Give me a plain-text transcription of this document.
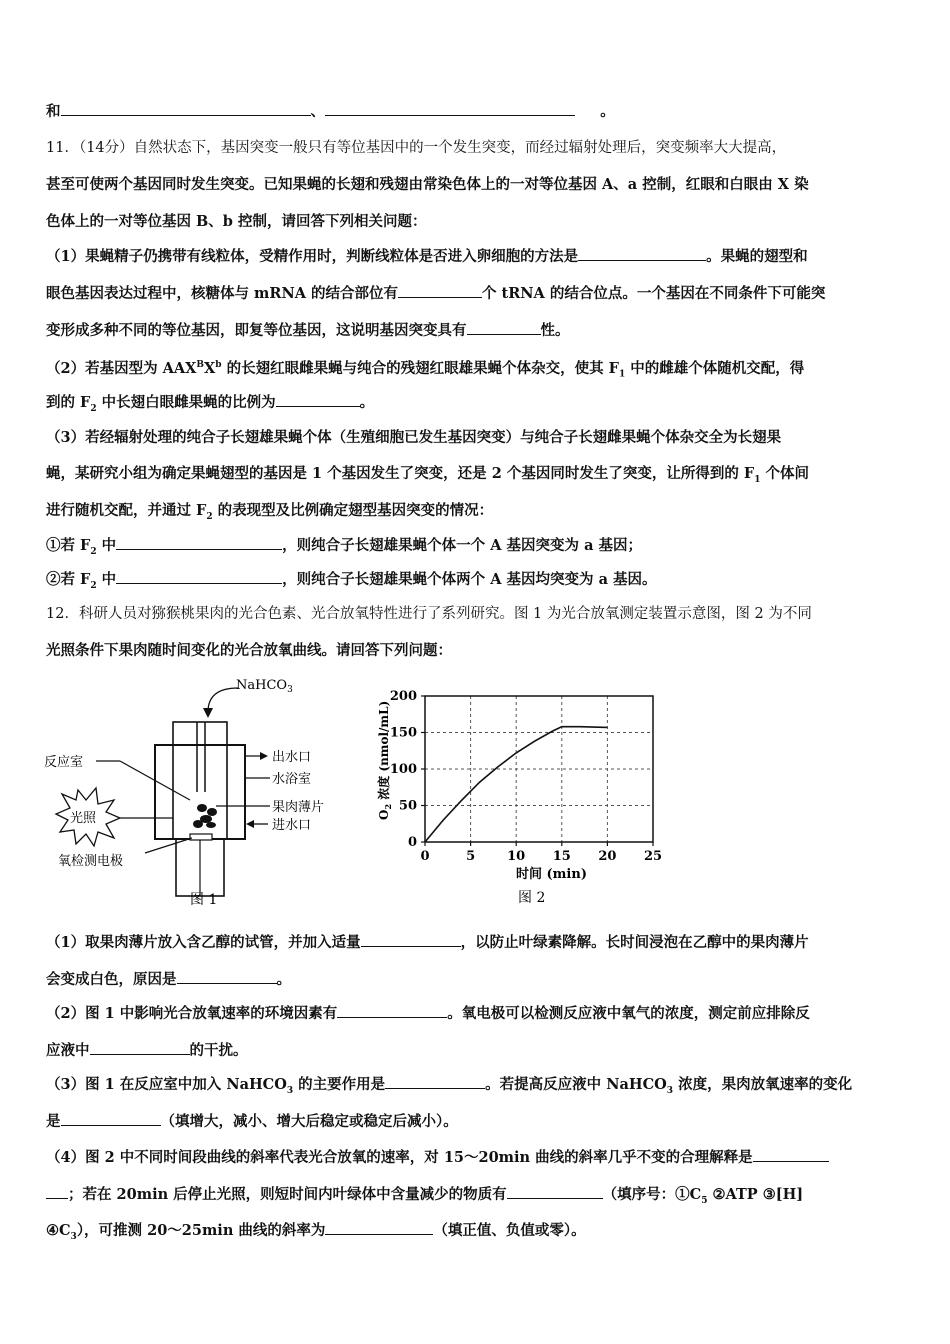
和	、	。
11．（14分）自然状态下，基因突变一般只有等位基因中的一个发生突变，而经过辐射处理后，突变频率大大提高，
甚至可使两个基因同时发生突变。已知果蝇的长翅和残翅由常染色体上的一对等位基因 A、a 控制，红眼和白眼由 X 染
色体上的一对等位基因 B、b 控制，请回答下列相关问题：
（1）果蝇精子仍携带有线粒体，受精作用时，判断线粒体是否进入卵细胞的方法是	。果蝇的翅型和
眼色基因表达过程中，核糖体与 mRNA 的结合部位有	个 tRNA 的结合位点。一个基因在不同条件下可能突
变形成多种不同的等位基因，即复等位基因，这说明基因突变具有	性。
（2）若基因型为 $AAX^BX^b$ 的长翅红眼雌果蝇与纯合的残翅红眼雄果蝇个体杂交，使其 $F_1$ 中的雌雄个体随机交配，得
到的 $F_2$ 中长翅白眼雌果蝇的比例为	。
（3）若经辐射处理的纯合子长翅雄果蝇个体（生殖细胞已发生基因突变）与纯合子长翅雌果蝇个体杂交全为长翅果
蝇，某研究小组为确定果蝇翅型的基因是 1 个基因发生了突变，还是 2 个基因同时发生了突变，让所得到的 $F_1$ 个体间
进行随机交配，并通过 $F_2$ 的表现型及比例确定翅型基因突变的情况：
①若 $F_2$ 中	，则纯合子长翅雄果蝇个体一个 A 基因突变为 a 基因；
②若 $F_2$ 中	，则纯合子长翅雄果蝇个体两个 A 基因均突变为 a 基因。
12．科研人员对猕猴桃果肉的光合色素、光合放氧特性进行了系列研究。图 1 为光合放氧测定装置示意图，图 2 为不同
光照条件下果肉随时间变化的光合放氧曲线。请回答下列问题：
NaHCO$_3$
反应室
光照
氧检测电极
出水口
水浴室
果肉薄片
进水口
图 1
0
50
100
150
200
0	5 10 15 20 25
时间 (min)
$O_2$ 浓度 (nmol/mL)
图 2
（1）取果肉薄片放入含乙醇的试管，并加入适量	，以防止叶绿素降解。长时间浸泡在乙醇中的果肉薄片
会变成白色，原因是	。
（2）图 1 中影响光合放氧速率的环境因素有	。氧电极可以检测反应液中氧气的浓度，测定前应排除反
应液中	的干扰。
（3）图 1 在反应室中加入 NaHCO$_3$ 的主要作用是	。若提高反应液中 NaHCO$_3$ 浓度，果肉放氧速率的变化
是	（填增大，减小、增大后稳定或稳定后减小）。
（4）图 2 中不同时间段曲线的斜率代表光合放氧的速率，对 15～20min 曲线的斜率几乎不变的合理解释是
；若在 20min 后停止光照，则短时间内叶绿体中含量减少的物质有	（填序号：$①C_5$ ②ATP ③[H]
$④C_3$），可推测 20～25min 曲线的斜率为	（填正值、负值或零）。
